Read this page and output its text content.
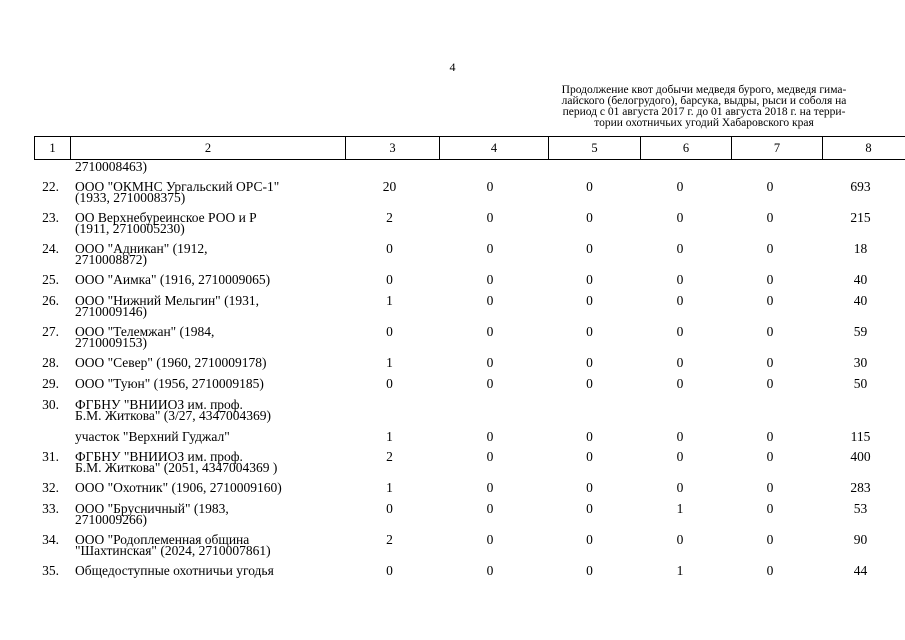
4
Продолжение квот добычи медведя бурого, медведя гима-
лайского (белогрудого), барсука, выдры, рыси и соболя на
период с 01 августа 2017 г. до 01 августа 2018 г. на терри-
тории охотничьих угодий Хабаровского края
1	2	3	4	5	6	7	8
	2710008463)						
22.	ООО "ОКМНС Ургальский ОРС-1"
(1933, 2710008375)	20	0	0	0	0	693
23.	ОО Верхнебуреинское РОО и Р
(1911, 2710005230)	2	0	0	0	0	215
24.	ООО "Адникан" (1912,
2710008872)	0	0	0	0	0	18
25.	ООО "Аимка" (1916, 2710009065)	0	0	0	0	0	40
26.	ООО "Нижний Мельгин" (1931,
2710009146)	1	0	0	0	0	40
27.	ООО "Телемжан" (1984,
2710009153)	0	0	0	0	0	59
28.	ООО "Север" (1960, 2710009178)	1	0	0	0	0	30
29.	ООО "Туюн" (1956, 2710009185)	0	0	0	0	0	50
30.	ФГБНУ "ВНИИОЗ им. проф.
Б.М. Житкова" (3/27, 4347004369)						

	участок "Верхний Гуджал"	1	0	0	0	0	115
31.	ФГБНУ "ВНИИОЗ им. проф.
Б.М. Житкова" (2051, 4347004369 )	2	0	0	0	0	400
32.	ООО "Охотник" (1906, 2710009160)	1	0	0	0	0	283
33.	ООО "Брусничный" (1983,
2710009266)	0	0	0	1	0	53
34.	ООО "Родоплеменная община
"Шахтинская" (2024, 2710007861)	2	0	0	0	0	90
35.	Общедоступные охотничьи угодья	0	0	0	1	0	44
